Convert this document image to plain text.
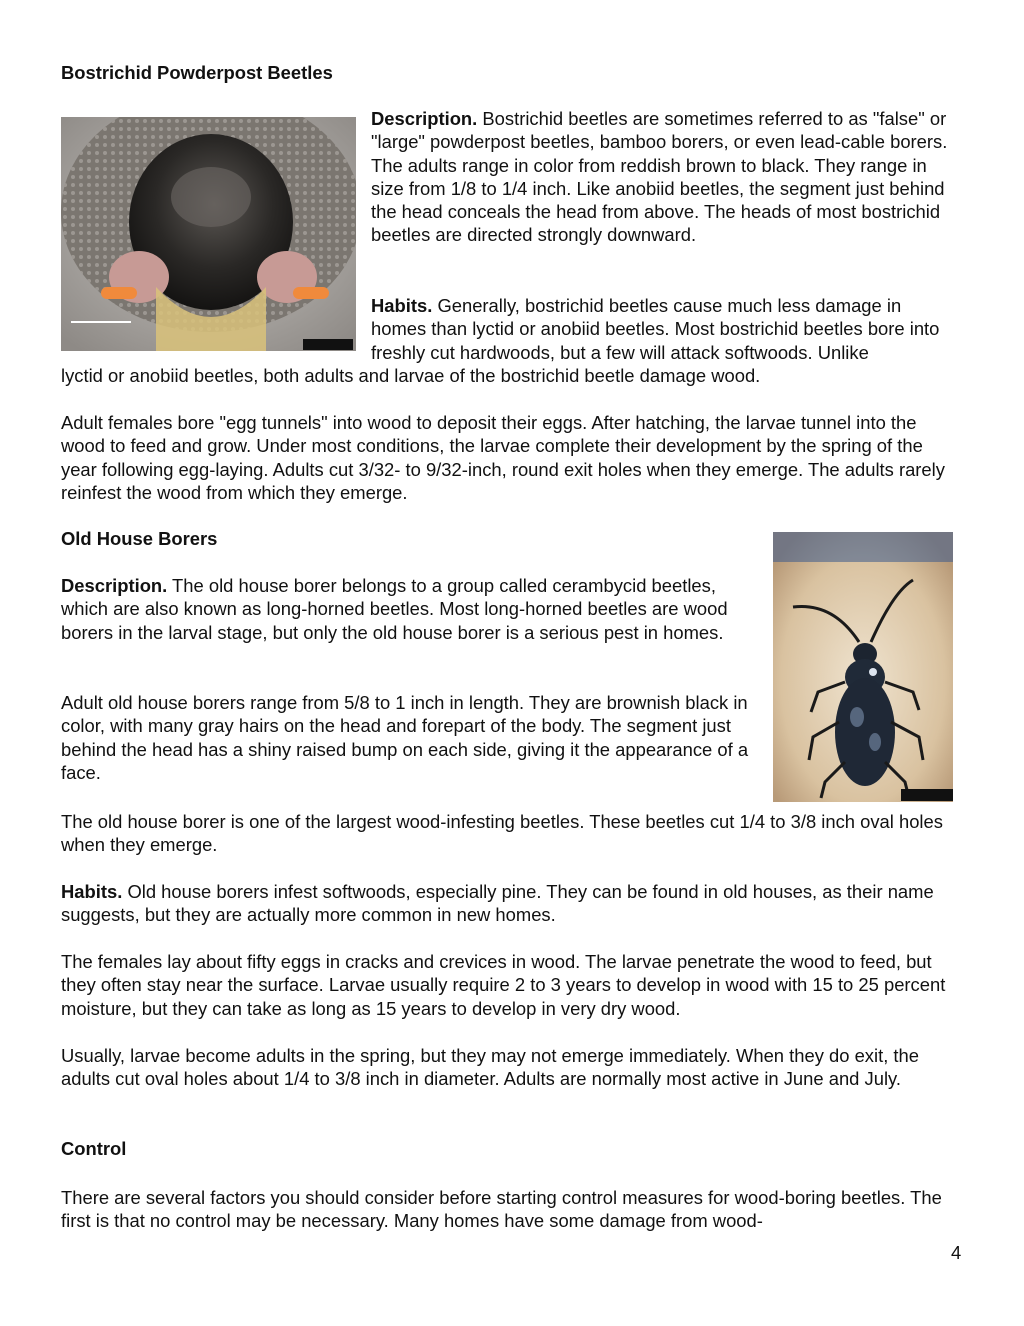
Bostrichid Powderpost Beetles

Description. Bostrichid beetles are sometimes referred to as "false" or "large" powderpost beetles, bamboo borers, or even lead-cable borers. The adults range in color from reddish brown to black. They range in size from 1/8 to 1/4 inch. Like anobiid beetles, the segment just behind the head conceals the head from above. The heads of most bostrichid beetles are directed strongly downward.

Habits. Generally, bostrichid beetles cause much less damage in homes than lyctid or anobiid beetles. Most bostrichid beetles bore into freshly cut hardwoods, but a few will attack softwoods. Unlike

lyctid or anobiid beetles, both adults and larvae of the bostrichid beetle damage wood.

Adult females bore "egg tunnels" into wood to deposit their eggs. After hatching, the larvae tunnel into the wood to feed and grow. Under most conditions, the larvae complete their development by the spring of the year following egg-laying. Adults cut 3/32- to 9/32-inch, round exit holes when they emerge. The adults rarely reinfest the wood from which they emerge.

Old House Borers

Description. The old house borer belongs to a group called cerambycid beetles, which are also known as long-horned beetles. Most long-horned beetles are wood borers in the larval stage, but only the old house borer is a serious pest in homes.

Adult old house borers range from 5/8 to 1 inch in length. They are brownish black in color, with many gray hairs on the head and forepart of the body. The segment just behind the head has a shiny raised bump on each side, giving it the appearance of a face.

The old house borer is one of the largest wood-infesting beetles. These beetles cut 1/4 to 3/8 inch oval holes when they emerge.

Habits. Old house borers infest softwoods, especially pine. They can be found in old houses, as their name suggests, but they are actually more common in new homes.

The females lay about fifty eggs in cracks and crevices in wood. The larvae penetrate the wood to feed, but they often stay near the surface. Larvae usually require 2 to 3 years to develop in wood with 15 to 25 percent moisture, but they can take as long as 15 years to develop in very dry wood.

Usually, larvae become adults in the spring, but they may not emerge immediately. When they do exit, the adults cut oval holes about 1/4 to 3/8 inch in diameter. Adults are normally most active in June and July.

Control

There are several factors you should consider before starting control measures for wood-boring beetles. The first is that no control may be necessary. Many homes have some damage from wood-

4
